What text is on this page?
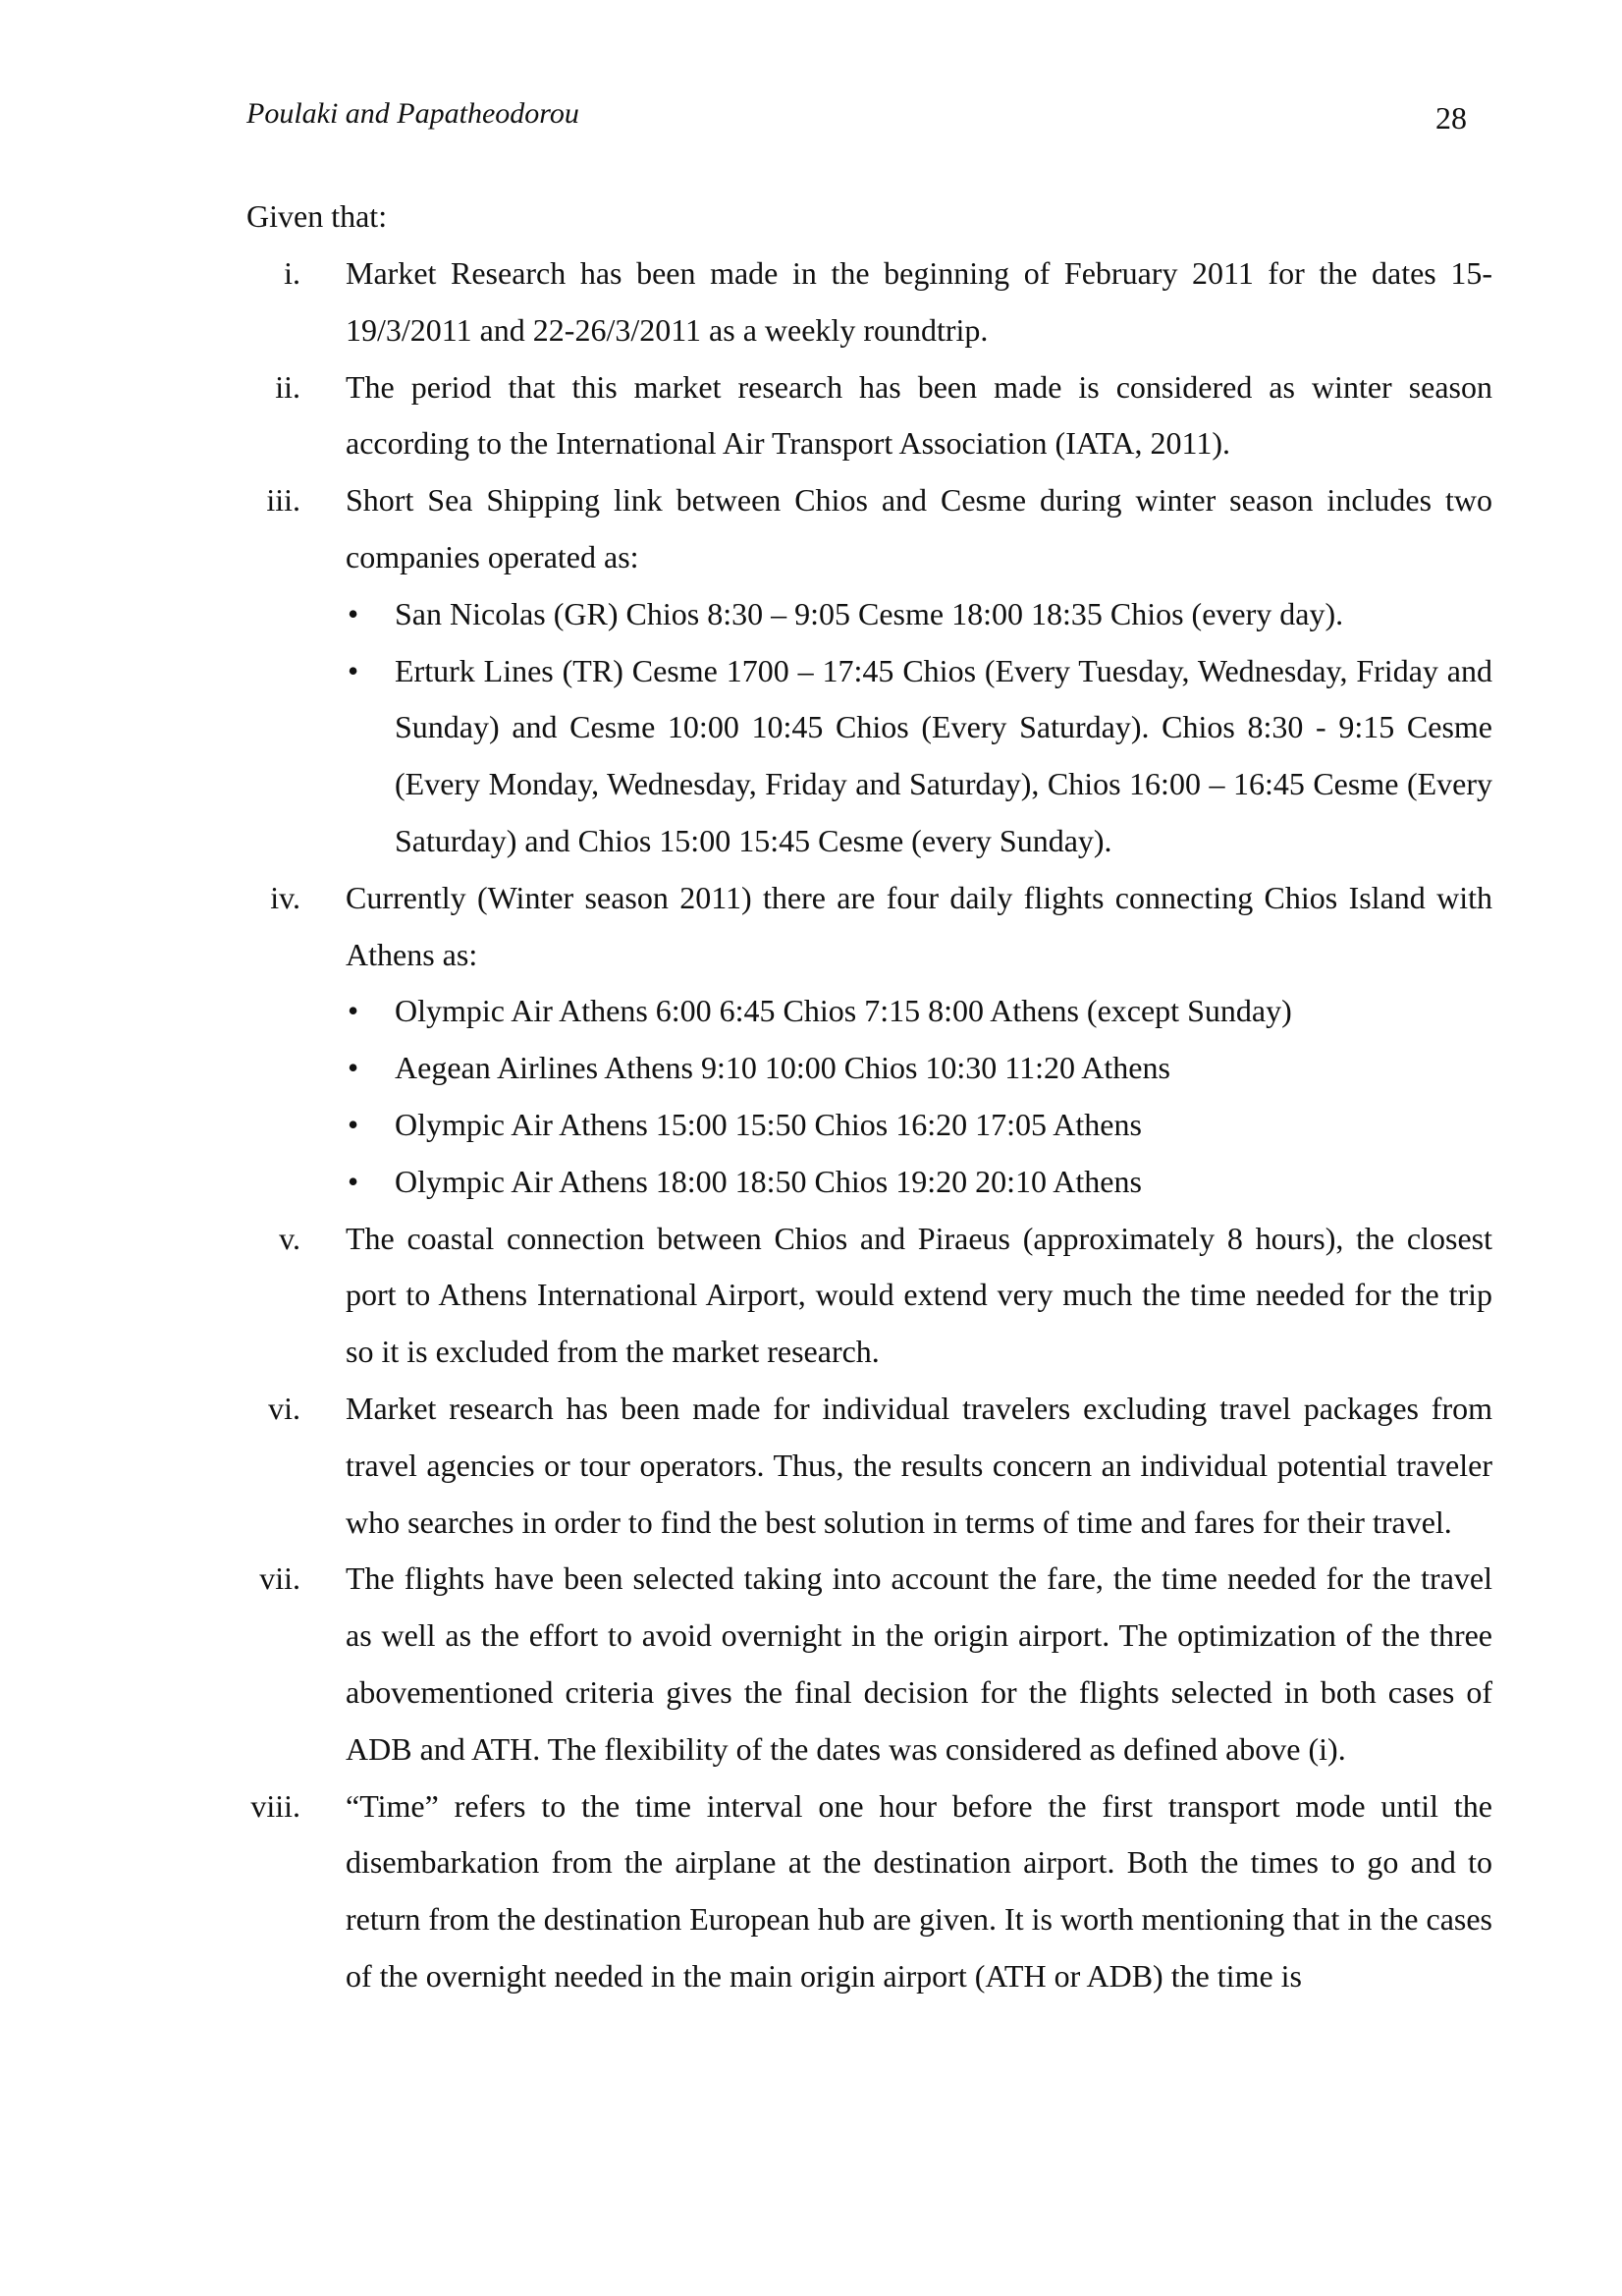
Poulaki and Papatheodorou	28
Given that:
i. Market Research has been made in the beginning of February 2011 for the dates 15-19/3/2011 and 22-26/3/2011 as a weekly roundtrip.
ii. The period that this market research has been made is considered as winter season according to the International Air Transport Association (IATA, 2011).
iii. Short Sea Shipping link between Chios and Cesme during winter season includes two companies operated as:
• San Nicolas (GR) Chios 8:30 – 9:05 Cesme 18:00 18:35 Chios (every day).
• Erturk Lines (TR) Cesme 1700 – 17:45 Chios (Every Tuesday, Wednesday, Friday and Sunday) and Cesme 10:00 10:45 Chios (Every Saturday). Chios 8:30 - 9:15 Cesme (Every Monday, Wednesday, Friday and Saturday), Chios 16:00 – 16:45 Cesme (Every Saturday) and Chios 15:00 15:45 Cesme (every Sunday).
iv. Currently (Winter season 2011) there are four daily flights connecting Chios Island with Athens as:
• Olympic Air Athens 6:00 6:45 Chios 7:15 8:00 Athens (except Sunday)
• Aegean Airlines Athens 9:10 10:00 Chios 10:30 11:20 Athens
• Olympic Air Athens 15:00 15:50 Chios 16:20 17:05 Athens
• Olympic Air Athens 18:00 18:50 Chios 19:20 20:10 Athens
v. The coastal connection between Chios and Piraeus (approximately 8 hours), the closest port to Athens International Airport, would extend very much the time needed for the trip so it is excluded from the market research.
vi. Market research has been made for individual travelers excluding travel packages from travel agencies or tour operators. Thus, the results concern an individual potential traveler who searches in order to find the best solution in terms of time and fares for their travel.
vii. The flights have been selected taking into account the fare, the time needed for the travel as well as the effort to avoid overnight in the origin airport. The optimization of the three abovementioned criteria gives the final decision for the flights selected in both cases of ADB and ATH. The flexibility of the dates was considered as defined above (i).
viii. “Time” refers to the time interval one hour before the first transport mode until the disembarkation from the airplane at the destination airport. Both the times to go and to return from the destination European hub are given. It is worth mentioning that in the cases of the overnight needed in the main origin airport (ATH or ADB) the time is
